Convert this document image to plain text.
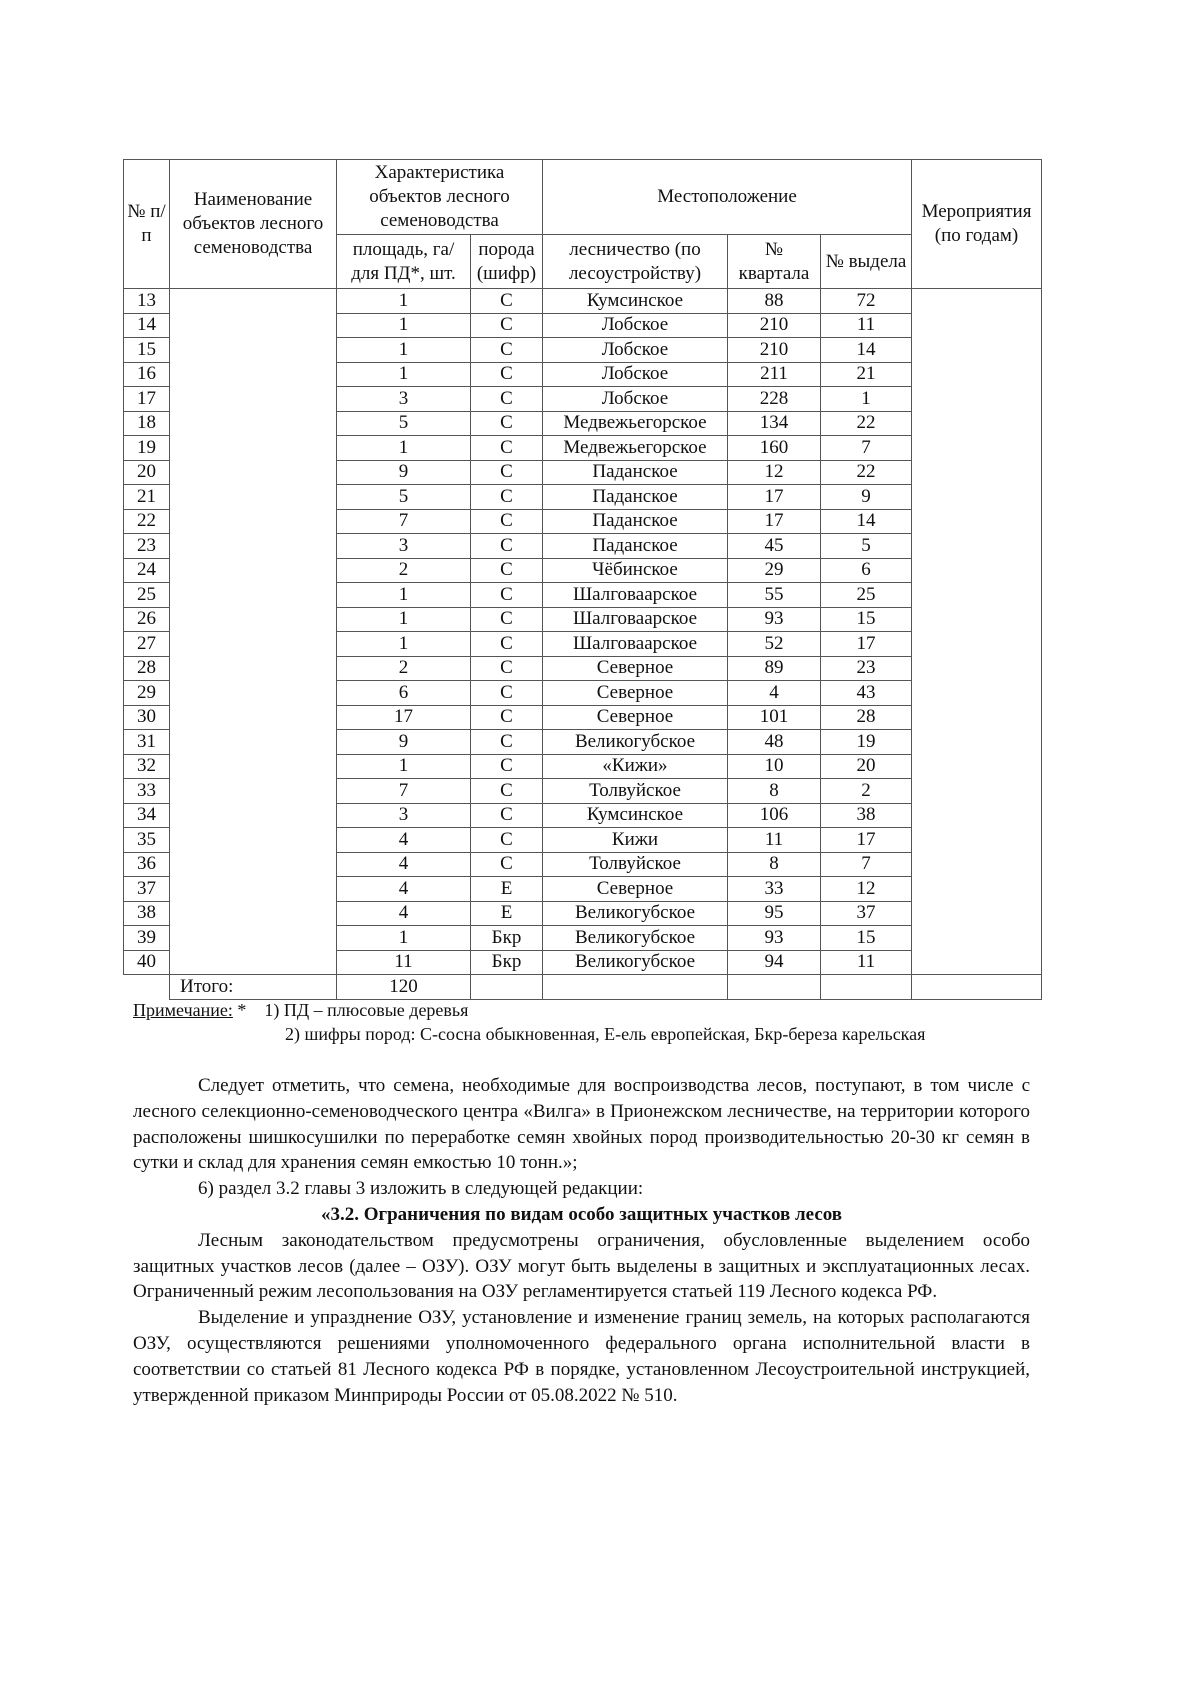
№ п/п	Наименование объектов лесного семеноводства	Характеристика объектов лесного семеноводства		Местоположение			Мероприятия (по годам)
		площадь, га/ для ПД*, шт.	порода (шифр)	лесничество (по лесоустройству)	№ квартала	№ выдела	
13		1	С	Кумсинское	88	72	
14		1	С	Лобское	210	11	
15		1	С	Лобское	210	14	
16		1	С	Лобское	211	21	
17		3	С	Лобское	228	1	
18		5	С	Медвежьегорское	134	22	
19		1	С	Медвежьегорское	160	7	
20		9	С	Паданское	12	22	
21		5	С	Паданское	17	9	
22		7	С	Паданское	17	14	
23		3	С	Паданское	45	5	
24		2	С	Чёбинское	29	6	
25		1	С	Шалговаарское	55	25	
26		1	С	Шалговаарское	93	15	
27		1	С	Шалговаарское	52	17	
28		2	С	Северное	89	23	
29		6	С	Северное	4	43	
30		17	С	Северное	101	28	
31		9	С	Великогубское	48	19	
32		1	С	«Кижи»	10	20	
33		7	С	Толвуйское	8	2	
34		3	С	Кумсинское	106	38	
35		4	С	Кижи	11	17	
36		4	С	Толвуйское	8	7	
37		4	Е	Северное	33	12	
38		4	Е	Великогубское	95	37	
39		1	Бкр	Великогубское	93	15	
40		11	Бкр	Великогубское	94	11	
	Итого:	120					
Примечание: * 1) ПД – плюсовые деревья
2) шифры пород: С-сосна обыкновенная, Е-ель европейская, Бкр-береза карельская

Следует отметить, что семена, необходимые для воспроизводства лесов, поступают, в том числе с лесного селекционно-семеноводческого центра «Вилга» в Прионежском лесничестве, на территории которого расположены шишкосушилки по переработке семян хвойных пород производительностью 20-30 кг семян в сутки и склад для хранения семян емкостью 10 тонн.»;

6) раздел 3.2 главы 3 изложить в следующей редакции:

«3.2. Ограничения по видам особо защитных участков лесов

Лесным законодательством предусмотрены ограничения, обусловленные выделением особо защитных участков лесов (далее – ОЗУ). ОЗУ могут быть выделены в защитных и эксплуатационных лесах. Ограниченный режим лесопользования на ОЗУ регламентируется статьей 119 Лесного кодекса РФ.

Выделение и упразднение ОЗУ, установление и изменение границ земель, на которых располагаются ОЗУ, осуществляются решениями уполномоченного федерального органа исполнительной власти в соответствии со статьей 81 Лесного кодекса РФ в порядке, установленном Лесоустроительной инструкцией, утвержденной приказом Минприроды России от 05.08.2022 № 510.
